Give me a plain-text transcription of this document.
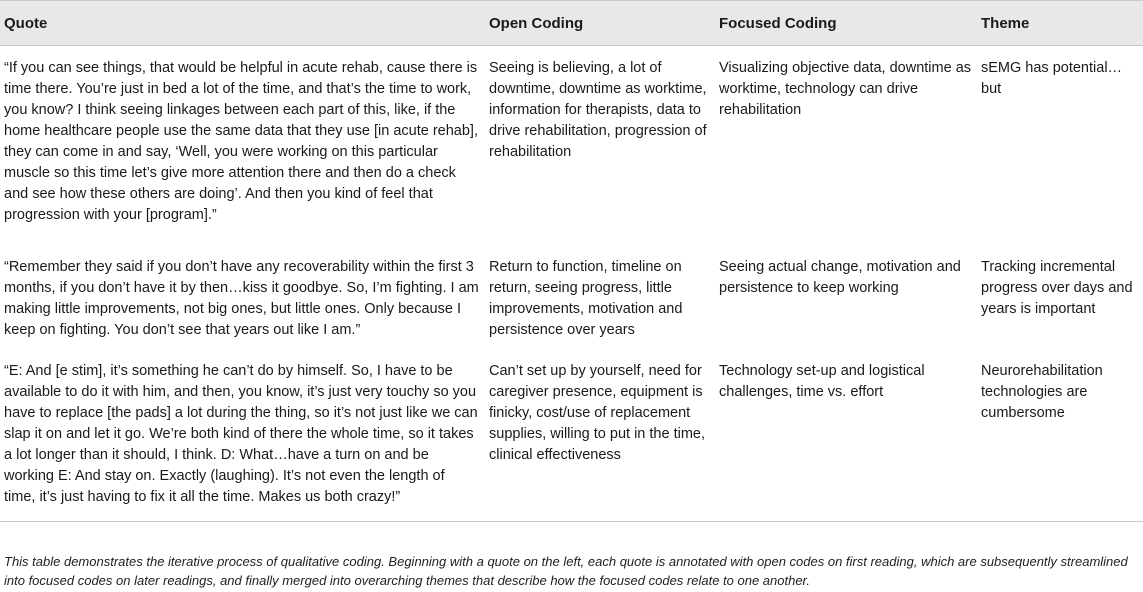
Quote	Open Coding	Focused Coding	Theme
“If you can see things, that would be helpful in acute rehab, cause there is time there. You’re just in bed a lot of the time, and that’s the time to work, you know? I think seeing linkages between each part of this, like, if the home healthcare people use the same data that they use [in acute rehab], they can come in and say, ‘Well, you were working on this particular muscle so this time let’s give more attention there and then do a check and see how these others are doing’. And then you kind of feel that progression with your [program].”	Seeing is believing, a lot of downtime, downtime as worktime, information for therapists, data to drive rehabilitation, progression of rehabilitation	Visualizing objective data, downtime as worktime, technology can drive rehabilitation	sEMG has potential…but
“Remember they said if you don’t have any recoverability within the first 3 months, if you don’t have it by then…kiss it goodbye. So, I’m fighting. I am making little improvements, not big ones, but little ones. Only because I keep on fighting. You don’t see that years out like I am.”	Return to function, timeline on return, seeing progress, little improvements, motivation and persistence over years	Seeing actual change, motivation and persistence to keep working	Tracking incremental progress over days and years is important
“E: And [e stim], it’s something he can’t do by himself. So, I have to be available to do it with him, and then, you know, it’s just very touchy so you have to replace [the pads] a lot during the thing, so it’s not just like we can slap it on and let it go. We’re both kind of there the whole time, so it takes a lot longer than it should, I think. D: What…have a turn on and be working E: And stay on. Exactly (laughing). It’s not even the length of time, it’s just having to fix it all the time. Makes us both crazy!”	Can’t set up by yourself, need for caregiver presence, equipment is finicky, cost/use of replacement supplies, willing to put in the time, clinical effectiveness	Technology set-up and logistical challenges, time vs. effort	Neurorehabilitation technologies are cumbersome
This table demonstrates the iterative process of qualitative coding. Beginning with a quote on the left, each quote is annotated with open codes on first reading, which are subsequently streamlined into focused codes on later readings, and finally merged into overarching themes that describe how the focused codes relate to one another.
